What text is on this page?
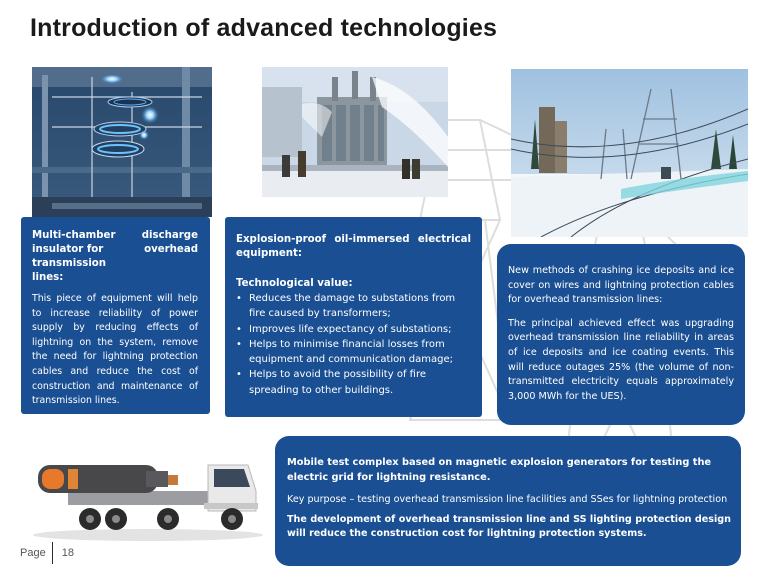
Introduction of advanced technologies
Multi-chamber insulator for transmission lines:
discharge overhead
This piece of equipment will help to increase reliability of power supply by reducing effects of lightning on the system, remove the need for lightning protection cables and reduce the cost of construction and maintenance of transmission lines.
Explosion-proof oil-immersed electrical
equipment:
Technological value:
• Reduces the damage to substations from fire caused by transformers;
• Improves life expectancy of substations;
• Helps to minimise financial losses from equipment and communication damage;
• Helps to avoid the possibility of fire spreading to other buildings.
New methods of crashing ice deposits and ice cover on wires and lightning protection cables for overhead transmission lines:
The principal achieved effect was upgrading overhead transmission line reliability in areas of ice deposits and ice coating events. This will reduce outages 25% (the volume of non-transmitted electricity equals approximately 3,000 MWh for the UES).
Mobile test complex based on magnetic explosion generators for testing the electric grid for lightning resistance.
Key purpose – testing overhead transmission line facilities and SSes for lightning protection
The development of overhead transmission line and SS lighting protection design will reduce the construction cost for lightning protection systems.
Page 18
